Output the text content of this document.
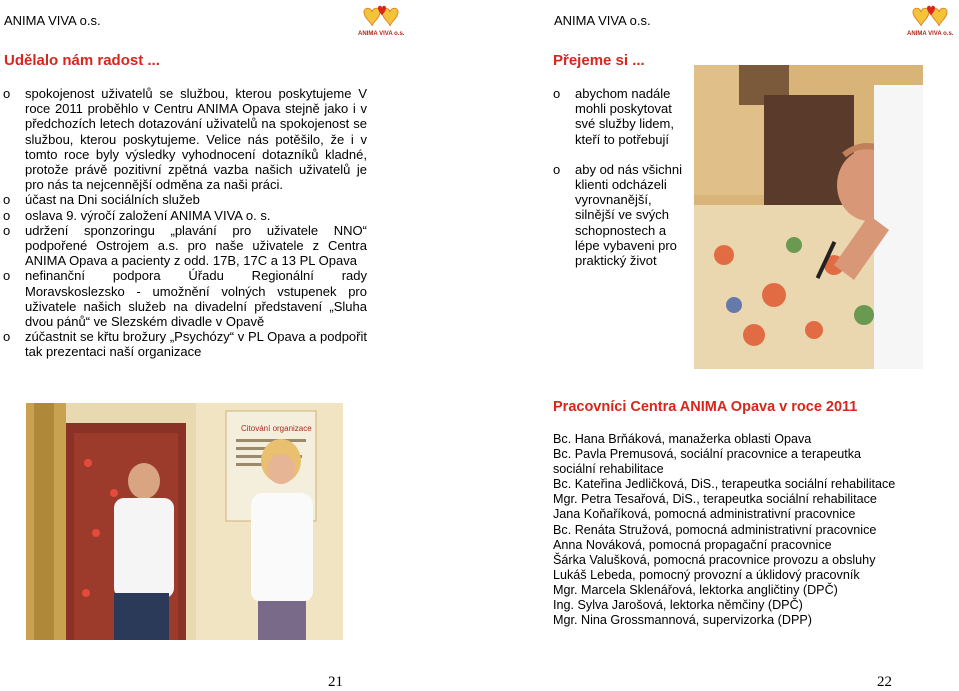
ANIMA VIVA o.s.
ANIMA VIVA o.s.
Udělalo nám radost ...
o spokojenost uživatelů se službou, kterou poskytujeme V roce 2011 proběhlo v Centru ANIMA Opava stejně jako i v předchozích letech dotazování uživatelů na spokojenost se službou, kterou poskytujeme. Velice nás potěšilo, že i v tomto roce byly výsledky vyhodnocení dotazníků kladné, protože právě pozitivní zpětná vazba našich uživatelů je pro nás ta nejcennější odměna za naši práci.
o účast na Dni sociálních služeb
o oslava 9. výročí založení ANIMA VIVA o. s.
o udržení sponzoringu „plavání pro uživatele NNO“ podpořené Ostrojem a.s. pro naše uživatele z Centra ANIMA Opava a pacienty z odd. 17B, 17C a 13 PL Opava
o nefinanční podpora Úřadu Regionální rady Moravskoslezsko - umožnění volných vstupenek pro uživatele našich služeb na divadelní představení „Sluha dvou pánů“ ve Slezském divadle v Opavě
o zúčastnit se křtu brožury „Psychózy“ v PL Opava a podpořit tak prezentaci naší organizace
Citování organizace
21
ANIMA VIVA o.s.
ANIMA VIVA o.s.
Přejeme si ...
o abychom nadále mohli poskytovat své služby lidem, kteří to potřebují
o aby od nás všichni klienti odcházeli vyrovnanější, silnější ve svých schopnostech a lépe vybaveni pro praktický život
Pracovníci Centra ANIMA Opava v roce 2011

Bc. Hana Brňáková, manažerka oblasti Opava

Bc. Pavla Premusová, sociální pracovnice a terapeutka

sociální rehabilitace

Bc. Kateřina Jedličková, DiS., terapeutka sociální rehabilitace

Mgr. Petra Tesařová, DiS., terapeutka sociální rehabilitace

Jana Koňaříková, pomocná administrativní pracovnice

Bc. Renáta Stružová, pomocná administrativní pracovnice

Anna Nováková, pomocná propagační pracovnice

Šárka Valušková, pomocná pracovnice provozu a obsluhy

Lukáš Lebeda, pomocný provozní a úklidový pracovník

Mgr. Marcela Sklenářová, lektorka angličtiny (DPČ)

Ing. Sylva Jarošová, lektorka němčiny (DPČ)

Mgr. Nina Grossmannová, supervizorka (DPP)

22
